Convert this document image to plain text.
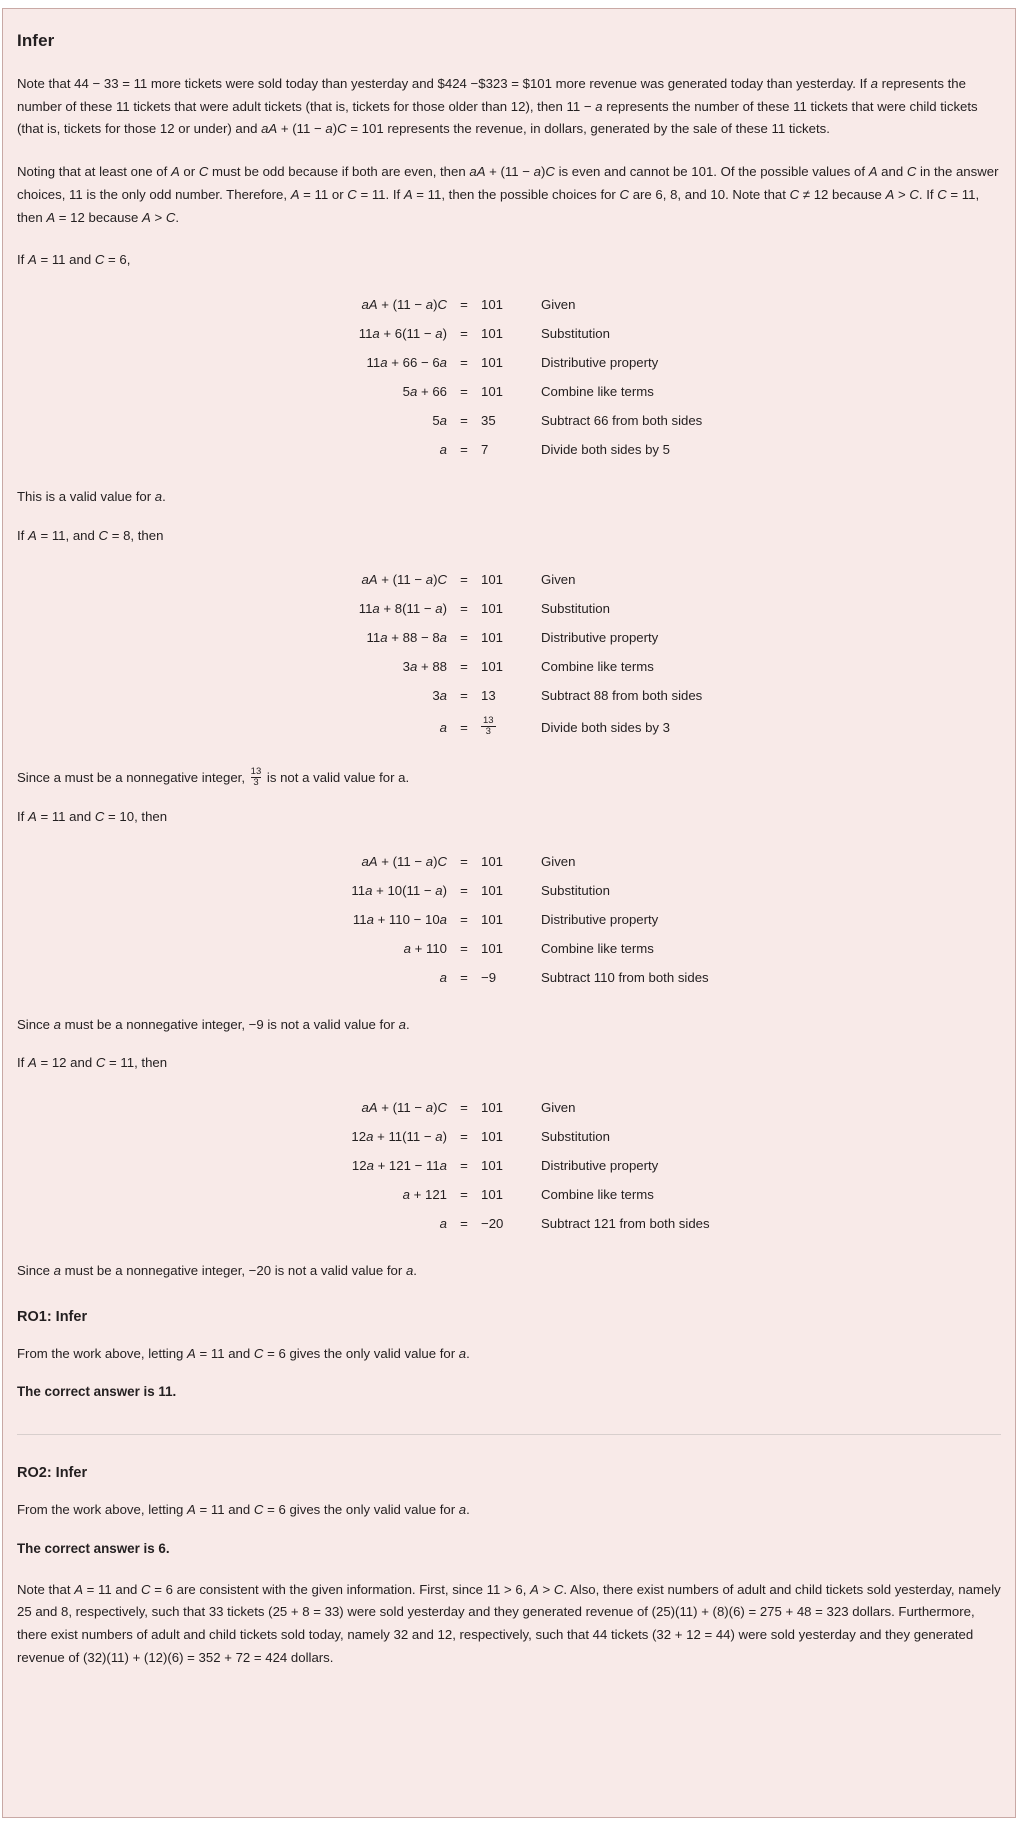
Infer

Note that 44 − 33 = 11 more tickets were sold today than yesterday and $424 −$323 = $101 more revenue was generated today than yesterday. If a represents the number of these 11 tickets that were adult tickets (that is, tickets for those older than 12), then 11 − a represents the number of these 11 tickets that were child tickets (that is, tickets for those 12 or under) and aA + (11 − a)C = 101 represents the revenue, in dollars, generated by the sale of these 11 tickets.

Noting that at least one of A or C must be odd because if both are even, then aA + (11 − a)C is even and cannot be 101. Of the possible values of A and C in the answer choices, 11 is the only odd number. Therefore, A = 11 or C = 11. If A = 11, then the possible choices for C are 6, 8, and 10. Note that C ≠ 12 because A > C. If C = 11, then A = 12 because A > C.

If A = 11 and C = 6,

aA + (11 − a)C	=	101	Given
11a + 6(11 − a)	=	101	Substitution
11a + 66 − 6a	=	101	Distributive property
5a + 66	=	101	Combine like terms
5a	=	35	Subtract 66 from both sides
a	=	7	Divide both sides by 5

This is a valid value for a.

If A = 11, and C = 8, then

aA + (11 − a)C	=	101	Given
11a + 8(11 − a)	=	101	Substitution
11a + 88 − 8a	=	101	Distributive property
3a + 88	=	101	Combine like terms
3a	=	13	Subtract 88 from both sides
a	=	$\frac{13}{3}$	Divide both sides by 3

Since a must be a nonnegative integer, $\frac{13}{3}$ is not a valid value for a.

If A = 11 and C = 10, then

aA + (11 − a)C	=	101	Given
11a + 10(11 − a)	=	101	Substitution
11a + 110 − 10a	=	101	Distributive property
a + 110	=	101	Combine like terms
a	=	−9	Subtract 110 from both sides

Since a must be a nonnegative integer, −9 is not a valid value for a.

If A = 12 and C = 11, then

aA + (11 − a)C	=	101	Given
12a + 11(11 − a)	=	101	Substitution
12a + 121 − 11a	=	101	Distributive property
a + 121	=	101	Combine like terms
a	=	−20	Subtract 121 from both sides

Since a must be a nonnegative integer, −20 is not a valid value for a.

RO1: Infer

From the work above, letting A = 11 and C = 6 gives the only valid value for a.

The correct answer is 11.

RO2: Infer

From the work above, letting A = 11 and C = 6 gives the only valid value for a.

The correct answer is 6.

Note that A = 11 and C = 6 are consistent with the given information. First, since 11 > 6, A > C. Also, there exist numbers of adult and child tickets sold yesterday, namely 25 and 8, respectively, such that 33 tickets (25 + 8 = 33) were sold yesterday and they generated revenue of (25)(11) + (8)(6) = 275 + 48 = 323 dollars. Furthermore, there exist numbers of adult and child tickets sold today, namely 32 and 12, respectively, such that 44 tickets (32 + 12 = 44) were sold yesterday and they generated revenue of (32)(11) + (12)(6) = 352 + 72 = 424 dollars.
